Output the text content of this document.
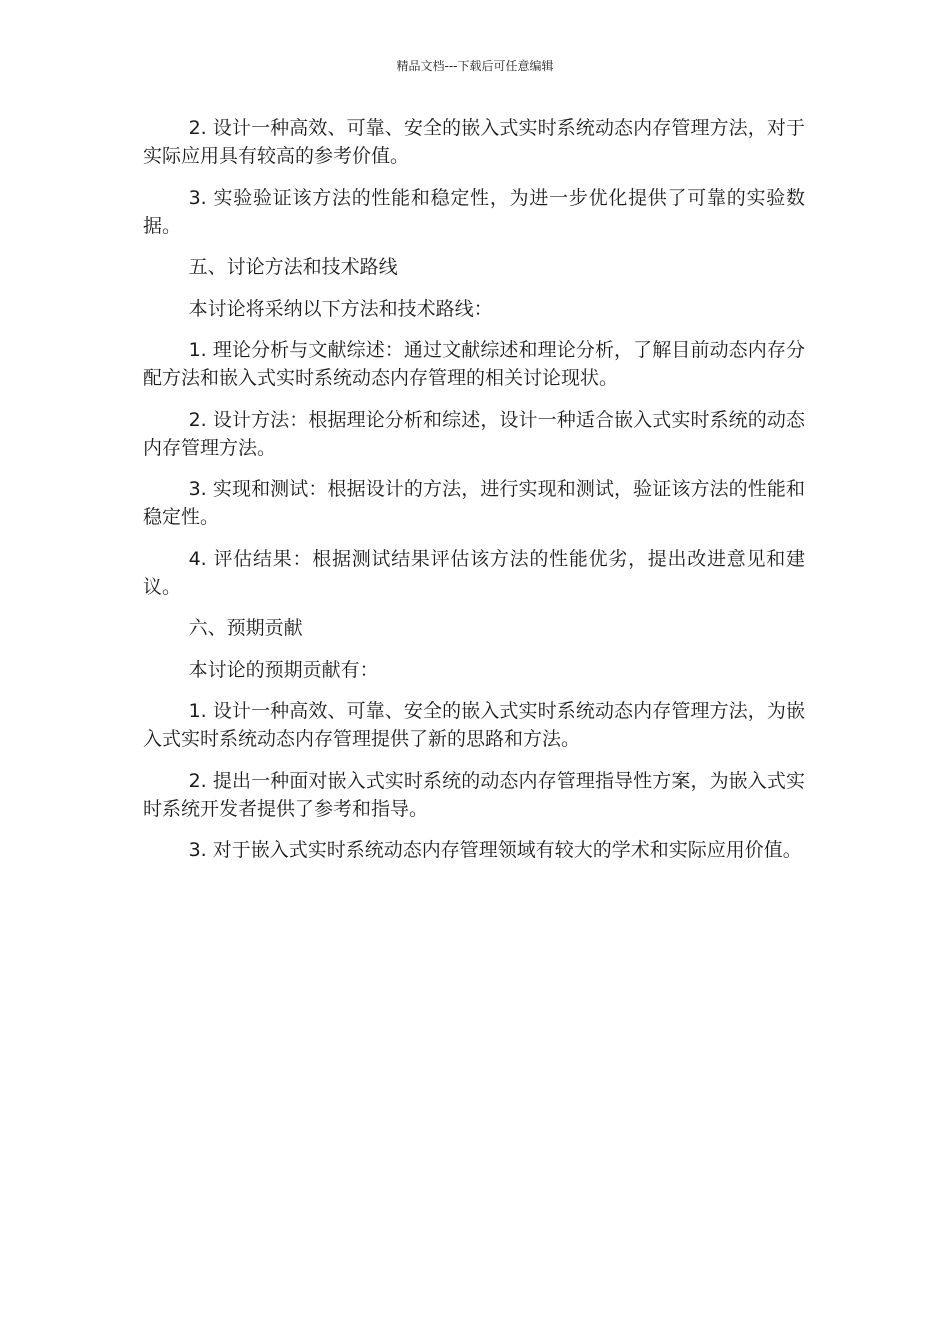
精品文档---下载后可任意编辑

2. 设计一种高效、可靠、安全的嵌入式实时系统动态内存管理方法，对于实际应用具有较高的参考价值。

3. 实验验证该方法的性能和稳定性，为进一步优化提供了可靠的实验数据。

五、讨论方法和技术路线

本讨论将采纳以下方法和技术路线：

1. 理论分析与文献综述：通过文献综述和理论分析，了解目前动态内存分配方法和嵌入式实时系统动态内存管理的相关讨论现状。

2. 设计方法：根据理论分析和综述，设计一种适合嵌入式实时系统的动态内存管理方法。

3. 实现和测试：根据设计的方法，进行实现和测试，验证该方法的性能和稳定性。

4. 评估结果：根据测试结果评估该方法的性能优劣，提出改进意见和建议。

六、预期贡献

本讨论的预期贡献有：

1. 设计一种高效、可靠、安全的嵌入式实时系统动态内存管理方法，为嵌入式实时系统动态内存管理提供了新的思路和方法。

2. 提出一种面对嵌入式实时系统的动态内存管理指导性方案，为嵌入式实时系统开发者提供了参考和指导。

3. 对于嵌入式实时系统动态内存管理领域有较大的学术和实际应用价值。
